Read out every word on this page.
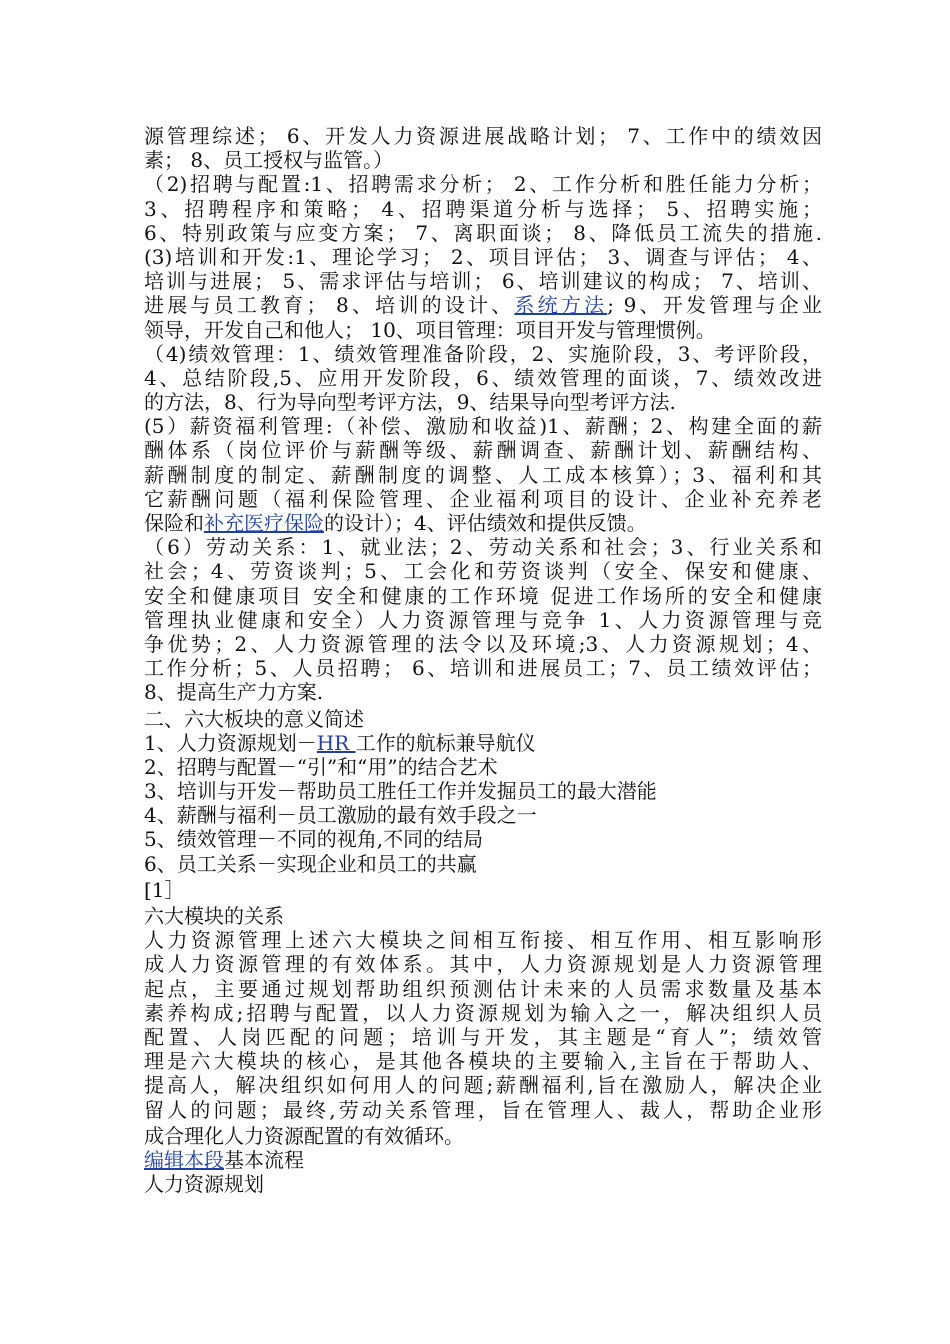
源管理综述； 6、开发人力资源进展战略计划； 7、工作中的绩效因
素； 8、员工授权与监管。）
（2)招聘与配置:1、招聘需求分析； 2、工作分析和胜任能力分析；
3、招聘程序和策略； 4、招聘渠道分析与选择； 5、招聘实施；
6、特别政策与应变方案； 7、离职面谈； 8、降低员工流失的措施.
(3)培训和开发:1、理论学习； 2、项目评估； 3、调查与评估； 4、
培训与进展； 5、需求评估与培训； 6、培训建议的构成； 7、培训、
进展与员工教育； 8、培训的设计、系统方法; 9、开发管理与企业
领导，开发自己和他人； 10、项目管理：项目开发与管理惯例。
（4)绩效管理：1、绩效管理准备阶段，2、实施阶段，3、考评阶段，
4、总结阶段,5、应用开发阶段，6、绩效管理的面谈，7、绩效改进
的方法，8、行为导向型考评方法，9、结果导向型考评方法.
(5）薪资福利管理:（补偿、激励和收益)1、薪酬；2、构建全面的薪
酬体系（岗位评价与薪酬等级、薪酬调查、薪酬计划、薪酬结构、
薪酬制度的制定、薪酬制度的调整、人工成本核算）；3、福利和其
它薪酬问题（福利保险管理、企业福利项目的设计、企业补充养老
保险和补充医疗保险的设计）；4、评估绩效和提供反馈。
（6）劳动关系：1、就业法；2、劳动关系和社会；3、行业关系和
社会；4、劳资谈判；5、工会化和劳资谈判（安全、保安和健康、
安全和健康项目 安全和健康的工作环境 促进工作场所的安全和健康
管理执业健康和安全）人力资源管理与竞争 1、人力资源管理与竞
争优势；2、人力资源管理的法令以及环境;3、人力资源规划；4、
工作分析；5、人员招聘； 6、培训和进展员工；7、员工绩效评估；
8、提高生产力方案.
二、六大板块的意义简述
1、人力资源规划－HR 工作的航标兼导航仪
2、招聘与配置－“引”和“用”的结合艺术
3、培训与开发－帮助员工胜任工作并发掘员工的最大潜能
4、薪酬与福利－员工激励的最有效手段之一
5、绩效管理－不同的视角,不同的结局
6、员工关系－实现企业和员工的共赢
[1］
六大模块的关系
人力资源管理上述六大模块之间相互衔接、相互作用、相互影响形
成人力资源管理的有效体系。其中，人力资源规划是人力资源管理
起点，主要通过规划帮助组织预测估计未来的人员需求数量及基本
素养构成;招聘与配置，以人力资源规划为输入之一，解决组织人员
配置、人岗匹配的问题；培训与开发，其主题是“育人”；绩效管
理是六大模块的核心，是其他各模块的主要输入,主旨在于帮助人、
提高人，解决组织如何用人的问题;薪酬福利,旨在激励人，解决企业
留人的问题；最终,劳动关系管理，旨在管理人、裁人，帮助企业形
成合理化人力资源配置的有效循环。
编辑本段基本流程
人力资源规划
